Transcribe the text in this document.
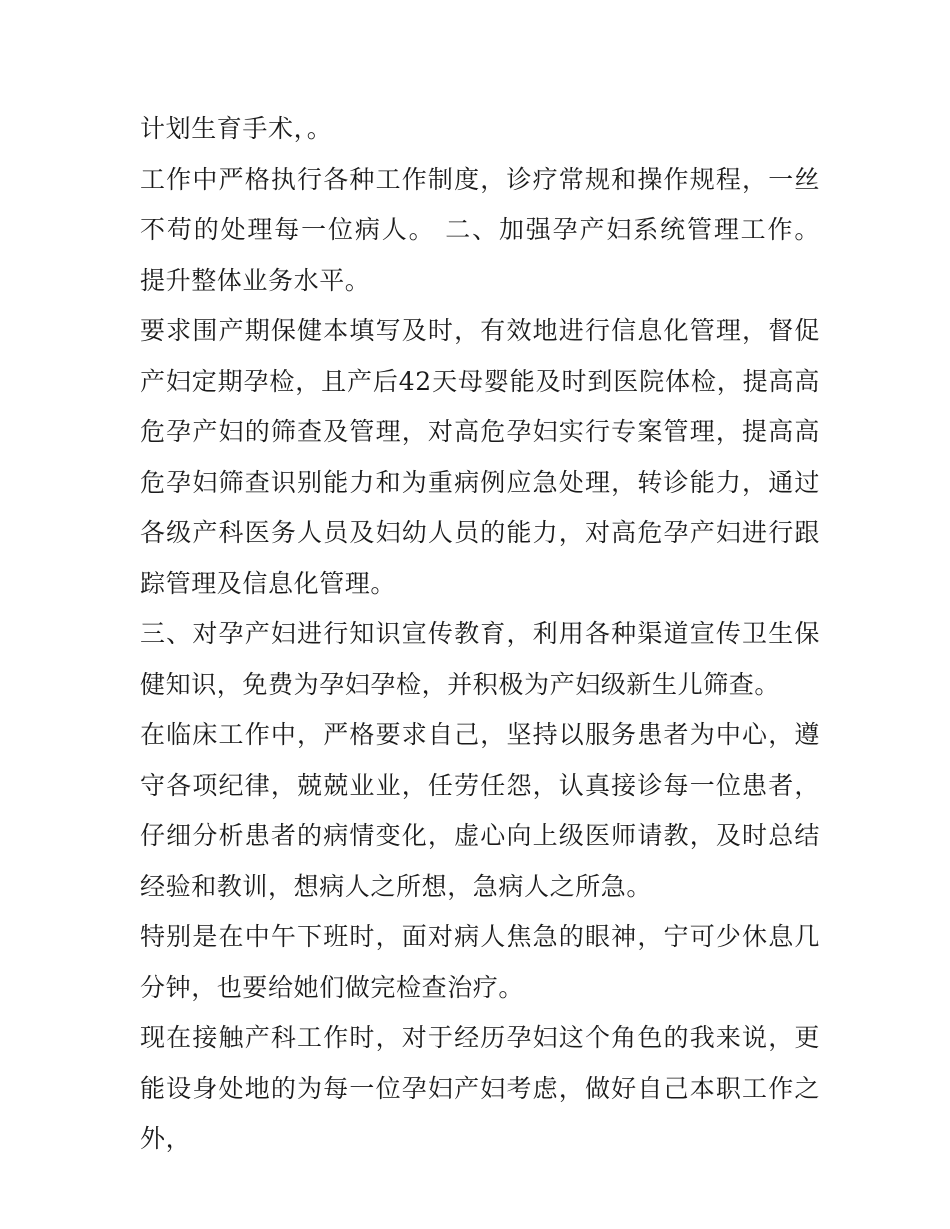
计划生育手术，。

工作中严格执行各种工作制度，诊疗常规和操作规程，一丝不苟的处理每一位病人。 二、加强孕产妇系统管理工作。 提升整体业务水平。

要求围产期保健本填写及时，有效地进行信息化管理，督促产妇定期孕检，且产后42天母婴能及时到医院体检，提高高危孕产妇的筛查及管理，对高危孕妇实行专案管理，提高高危孕妇筛查识别能力和为重病例应急处理，转诊能力，通过各级产科医务人员及妇幼人员的能力，对高危孕产妇进行跟踪管理及信息化管理。

三、对孕产妇进行知识宣传教育，利用各种渠道宣传卫生保健知识，免费为孕妇孕检，并积极为产妇级新生儿筛查。

在临床工作中，严格要求自己，坚持以服务患者为中心，遵守各项纪律，兢兢业业，任劳任怨，认真接诊每一位患者，仔细分析患者的病情变化，虚心向上级医师请教，及时总结经验和教训，想病人之所想，急病人之所急。

特别是在中午下班时，面对病人焦急的眼神，宁可少休息几分钟，也要给她们做完检查治疗。

现在接触产科工作时，对于经历孕妇这个角色的我来说，更能设身处地的为每一位孕妇产妇考虑，做好自己本职工作之外，
